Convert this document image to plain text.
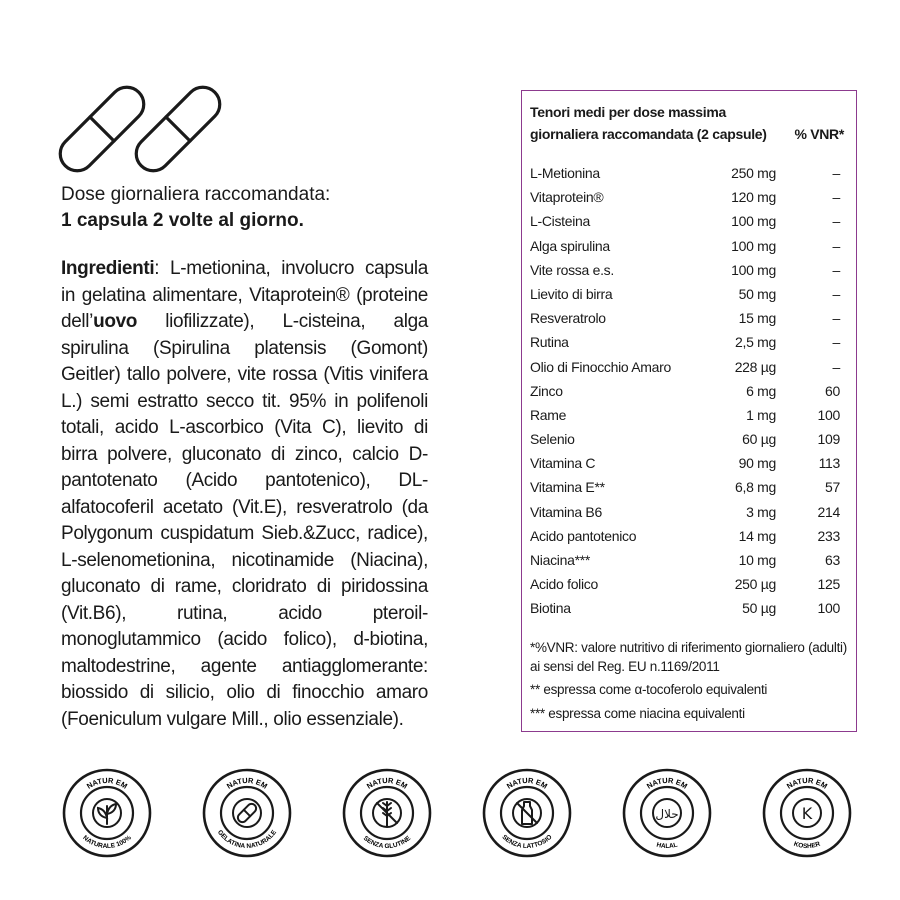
Dose giornaliera raccomandata:
1 capsula 2 volte al giorno.
Ingredienti: L-metionina, involucro capsula in gelatina alimentare, Vitaprotein® (proteine dell’uovo liofilizzate), L-cisteina, alga spirulina (Spirulina platensis (Gomont) Geitler) tallo polvere, vite rossa (Vitis vinifera L.) semi estratto secco tit. 95% in polifenoli totali, acido L-ascorbico (Vita C), lievito di birra polvere, gluconato di zinco, calcio D-pantotenato (Acido pantotenico), DL-alfatocoferil acetato (Vit.E), resveratrolo (da Polygonum cuspidatum Sieb.&Zucc, radice), L-selenometionina, nicotinamide (Niacina), gluconato di rame, cloridrato di piridossina (Vit.B6), rutina, acido pteroil-monoglutammico (acido folico), d-biotina, maltodestrine, agente antiagglomerante: biossido di silicio, olio di finocchio amaro (Foeniculum vulgare Mill., olio essenziale).
Tenori medi per dose massima
giornaliera raccomandata (2 capsule)	% VNR*
L-Metionina	250 mg	–
Vitaprotein®	120 mg	–
L-Cisteina	100 mg	–
Alga spirulina	100 mg	–
Vite rossa e.s.	100 mg	–
Lievito di birra	50 mg	–
Resveratrolo	15 mg	–
Rutina	2,5 mg	–
Olio di Finocchio Amaro	228 µg	–
Zinco	6 mg	60
Rame	1 mg	100
Selenio	60 µg	109
Vitamina C	90 mg	113
Vitamina E**	6,8 mg	57
Vitamina B6	3 mg	214
Acido pantotenico	14 mg	233
Niacina***	10 mg	63
Acido folico	250 µg	125
Biotina	50 µg	100

*%VNR: valore nutritivo di riferimento giornaliero (adulti) ai sensi del Reg. EU n.1169/2011

** espressa come α-tocoferolo equivalenti

*** espressa come niacina equivalenti

NATUR EM
NATURALE 100%
NATUR EM
GELATINA NATURALE
NATUR EM
SENZA GLUTINE
NATUR EM
SENZA LATTOSIO
NATUR EM
HALAL
حلال
NATUR EM
KOSHER
K
